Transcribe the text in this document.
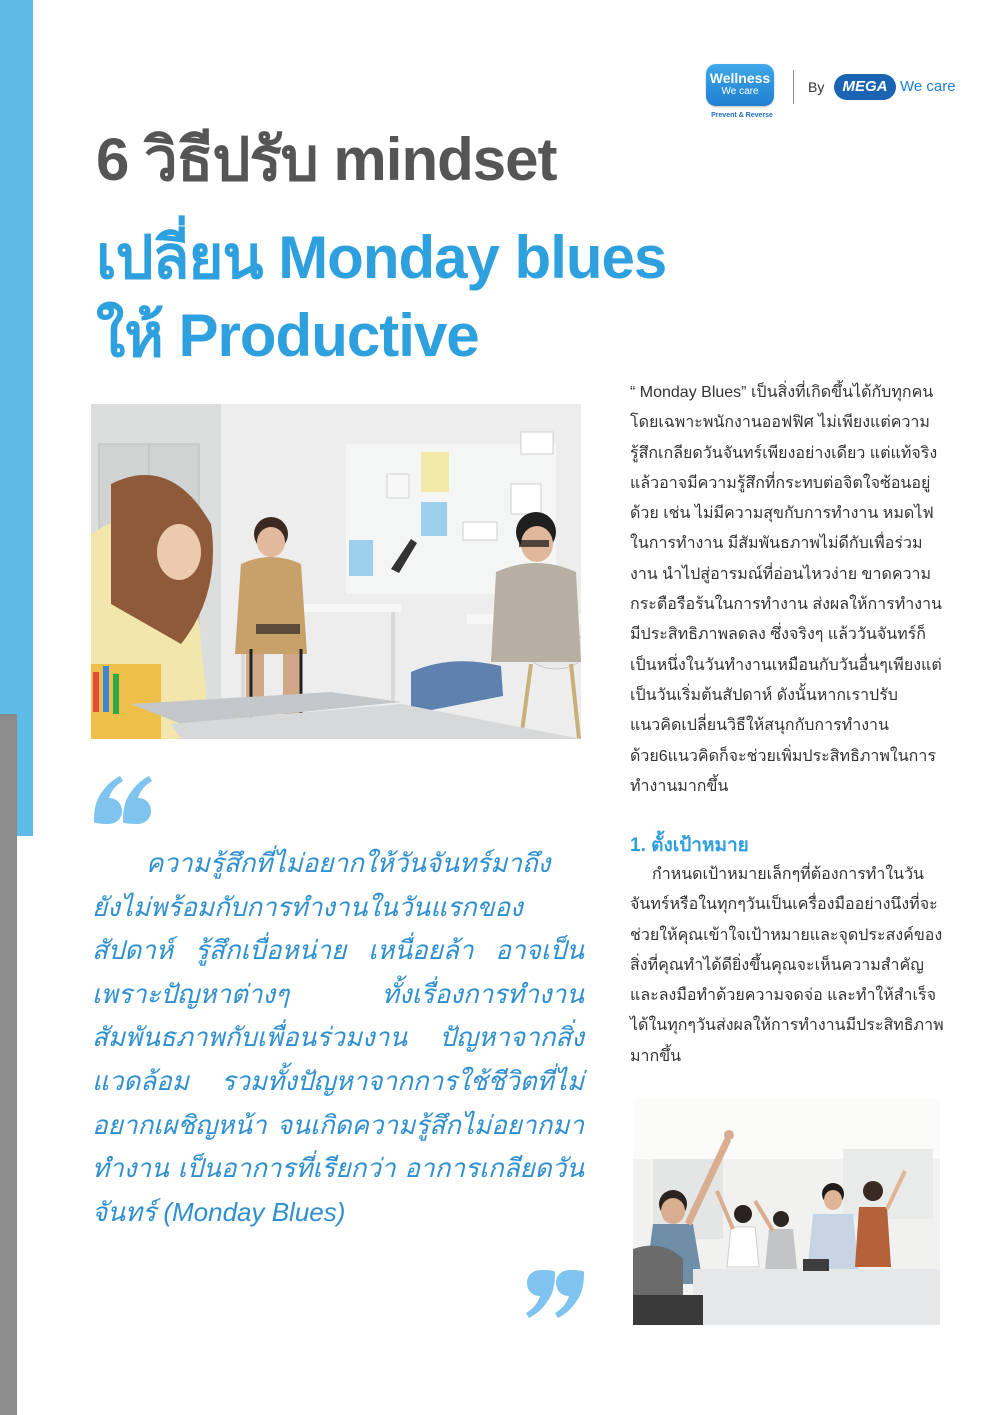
Wellness
We care
Prevent & Reverse
By	MEGA We care
6 วิธีปรับ mindset
เปลี่ยน Monday blues
ให้ Productive

“ Monday Blues” เป็นสิ่งที่เกิดขึ้นได้กับทุกคน โดยเฉพาะพนักงานออฟฟิศ ไม่เพียงแต่ความรู้สึกเกลียดวันจันทร์เพียงอย่างเดียว แต่แท้จริงแล้วอาจมีความรู้สึกที่กระทบต่อจิตใจซ้อนอยู่ด้วย เช่น ไม่มีความสุขกับการทำงาน หมดไฟในการทำงาน มีสัมพันธภาพไม่ดีกับเพื่อร่วมงาน นำไปสู่อารมณ์ที่อ่อนไหวง่าย ขาดความกระตือรือร้นในการทำงาน ส่งผลให้การทำงานมีประสิทธิภาพลดลง ซึ่งจริงๆ แล้ววันจันทร์ก็เป็นหนึ่งในวันทำงานเหมือนกับวันอื่นๆเพียงแต่เป็นวันเริ่มต้นสัปดาห์ ดังนั้นหากเราปรับแนวคิดเปลี่ยนวิธีให้สนุกกับการทำงานด้วย6แนวคิดก็จะช่วยเพิ่มประสิทธิภาพในการทำงานมากขึ้น

1. ตั้งเป้าหมาย

กำหนดเป้าหมายเล็กๆที่ต้องการทำในวันจันทร์หรือในทุกๆวันเป็นเครื่องมืออย่างนึงที่จะช่วยให้คุณเข้าใจเป้าหมายและจุดประสงค์ของสิ่งที่คุณทำได้ดียิ่งขึ้นคุณจะเห็นความสำคัญและลงมือทำด้วยความจดจ่อ และทำให้สำเร็จได้ในทุกๆวันส่งผลให้การทำงานมีประสิทธิภาพมากขึ้น

ความรู้สึกที่ไม่อยากให้วันจันทร์มาถึง ยังไม่พร้อมกับการทำงานในวันแรกของสัปดาห์ รู้สึกเบื่อหน่าย เหนื่อยล้า อาจเป็นเพราะปัญหาต่างๆ ทั้งเรื่องการทำงาน สัมพันธภาพกับเพื่อนร่วมงาน ปัญหาจากสิ่งแวดล้อม รวมทั้งปัญหาจากการใช้ชีวิตที่ไม่อยากเผชิญหน้า จนเกิดความรู้สึกไม่อยากมาทำงาน เป็นอาการที่เรียกว่า อาการเกลียดวันจันทร์ (Monday Blues)
